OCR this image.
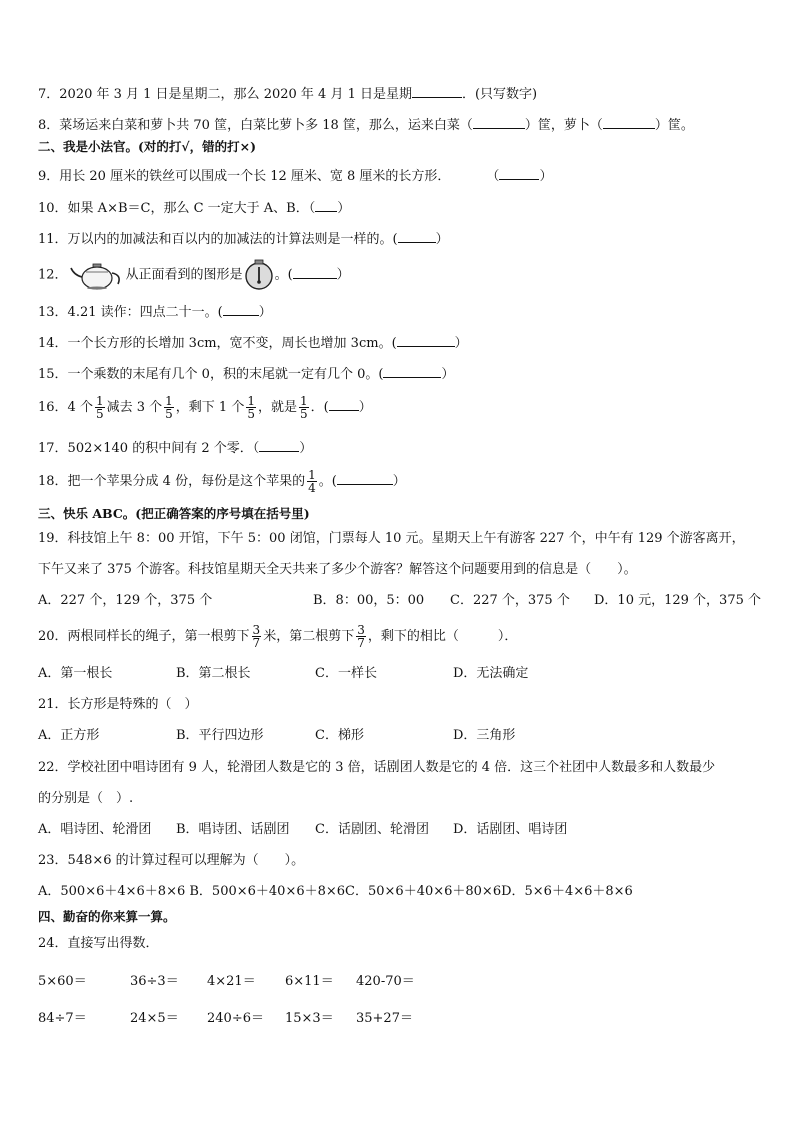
7．2020 年 3 月 1 日是星期二，那么 2020 年 4 月 1 日是星期	．(只写数字)
8．菜场运来白菜和萝卜共 70 筐，白菜比萝卜多 18 筐，那么，运来白菜（	）筐，萝卜（	）筐。
二、我是小法官。(对的打√，错的打×)
9．用长 20 厘米的铁丝可以围成一个长 12 厘米、宽 8 厘米的长方形．	（	）
10．如果 A×B＝C，那么 C 一定大于 A、B．（ ）
11．万以内的加减法和百以内的加减法的计算法则是一样的。(	）
12．	从正面看到的图形是 。(	）
13．4.21 读作：四点二十一。(	）
14．一个长方形的长增加 3cm，宽不变，周长也增加 3cm。(	）
15．一个乘数的末尾有几个 0，积的末尾就一定有几个 0。(	）
16．4 个 $\frac{1}{5}$ 减去 3 个 $\frac{1}{5}$ ，剩下 1 个 $\frac{1}{5}$ ，就是 $\frac{1}{5}$ ．( ）
17．502×140 的积中间有 2 个零．（	）
18．把一个苹果分成 4 份，每份是这个苹果的 $\frac{1}{4}$ 。(	）
三、快乐 ABC。(把正确答案的序号填在括号里)
19．科技馆上午 8：00 开馆，下午 5：00 闭馆，门票每人 10 元。星期天上午有游客 227 个，中午有 129 个游客离开，
下午又来了 375 个游客。科技馆星期天全天共来了多少个游客？解答这个问题要用到的信息是（　　）。
A．227 个，129 个，375 个	B．8：00，5：00 C．227 个，375 个 D．10 元，129 个，375 个
20．两根同样长的绳子，第一根剪下 $\frac{3}{7}$ 米，第二根剪下 $\frac{3}{7}$ ，剩下的相比（　　　）．
A．第一根长	B．第二根长	C．一样长	D．无法确定
21．长方形是特殊的（　）
A．正方形	B．平行四边形	C．梯形	D．三角形
22．学校社团中唱诗团有 9 人，轮滑团人数是它的 3 倍，话剧团人数是它的 4 倍．这三个社团中人数最多和人数最少
的分别是（　）.
A．唱诗团、轮滑团 B．唱诗团、话剧团 C．话剧团、轮滑团 D．话剧团、唱诗团
23．548×6 的计算过程可以理解为（　　）。
A．500×6＋4×6＋8×6 B．500×6＋40×6＋8×6C．50×6＋40×6＋80×6D．5×6＋4×6＋8×6
四、勤奋的你来算一算。
24．直接写出得数．
5×60＝	36÷3＝ 4×21＝ 6×11＝ 420-70＝
84÷7＝	24×5＝ 240÷6＝ 15×3＝ 35+27＝
